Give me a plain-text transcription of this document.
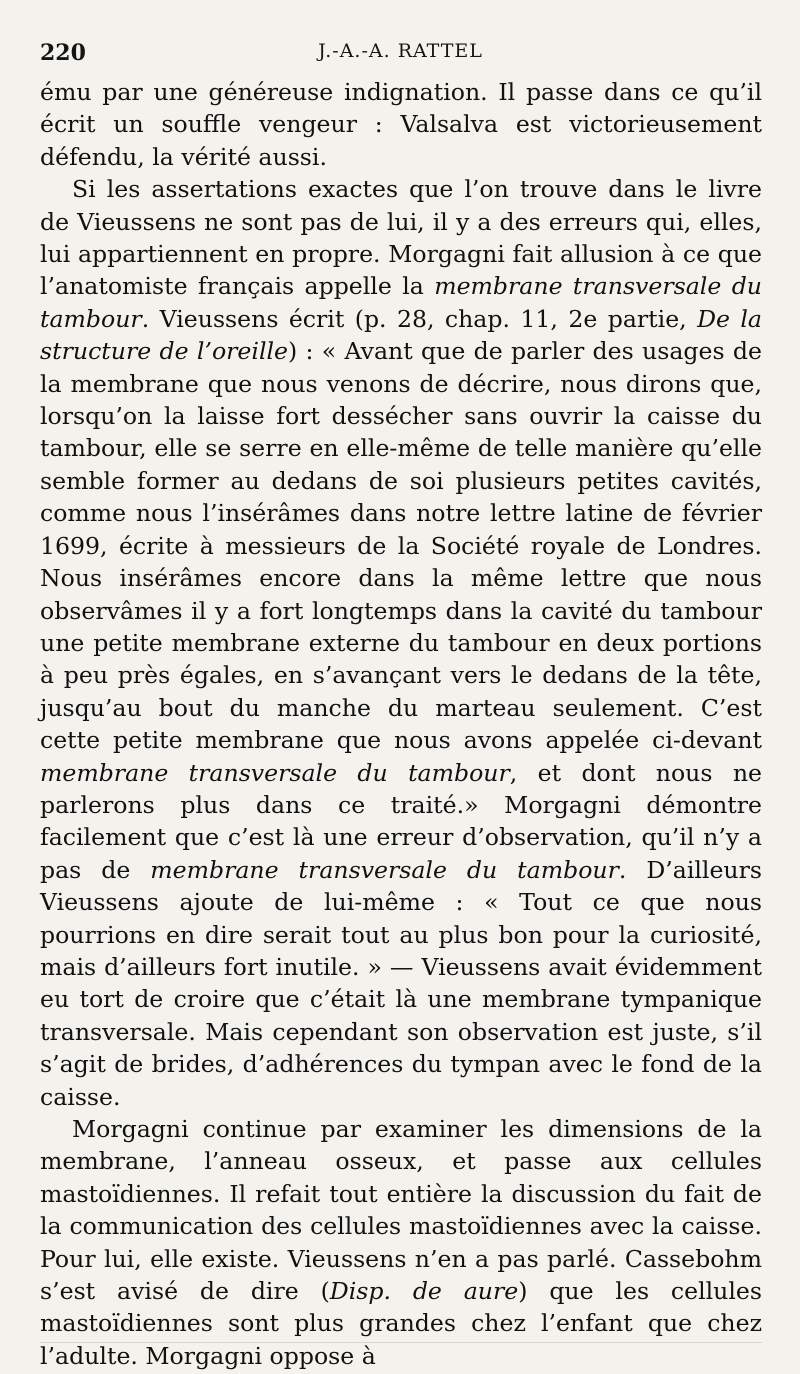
220	J.-A.-A. RATTEL

ému par une généreuse indignation. Il passe dans ce qu’il écrit un souffle vengeur : Valsalva est victorieusement défendu, la vérité aussi.

Si les assertations exactes que l’on trouve dans le livre de Vieussens ne sont pas de lui, il y a des erreurs qui, elles, lui appartiennent en propre. Morgagni fait allusion à ce que l’anatomiste français appelle la membrane transversale du tambour. Vieussens écrit (p. 28, chap. 11, 2e partie, De la structure de l’oreille) : « Avant que de parler des usages de la membrane que nous venons de décrire, nous dirons que, lorsqu’on la laisse fort dessécher sans ouvrir la caisse du tambour, elle se serre en elle-même de telle manière qu’elle semble former au dedans de soi plusieurs petites cavités, comme nous l’insérâmes dans notre lettre latine de février 1699, écrite à messieurs de la Société royale de Londres. Nous insérâmes encore dans la même lettre que nous observâmes il y a fort longtemps dans la cavité du tambour une petite membrane externe du tambour en deux portions à peu près égales, en s’avançant vers le dedans de la tête, jusqu’au bout du manche du marteau seulement. C’est cette petite membrane que nous avons appelée ci-devant membrane transversale du tambour, et dont nous ne parlerons plus dans ce traité.» Morgagni démontre facilement que c’est là une erreur d’observation, qu’il n’y a pas de membrane transversale du tambour. D’ailleurs Vieussens ajoute de lui-même : « Tout ce que nous pourrions en dire serait tout au plus bon pour la curiosité, mais d’ailleurs fort inutile. » — Vieussens avait évidemment eu tort de croire que c’était là une membrane tympanique transversale. Mais cependant son observation est juste, s’il s’agit de brides, d’adhérences du tympan avec le fond de la caisse.

Morgagni continue par examiner les dimensions de la membrane, l’anneau osseux, et passe aux cellules mastoïdiennes. Il refait tout entière la discussion du fait de la communication des cellules mastoïdiennes avec la caisse. Pour lui, elle existe. Vieussens n’en a pas parlé. Cassebohm s’est avisé de dire (Disp. de aure) que les cellules mastoïdiennes sont plus grandes chez l’enfant que chez l’adulte. Morgagni oppose à
